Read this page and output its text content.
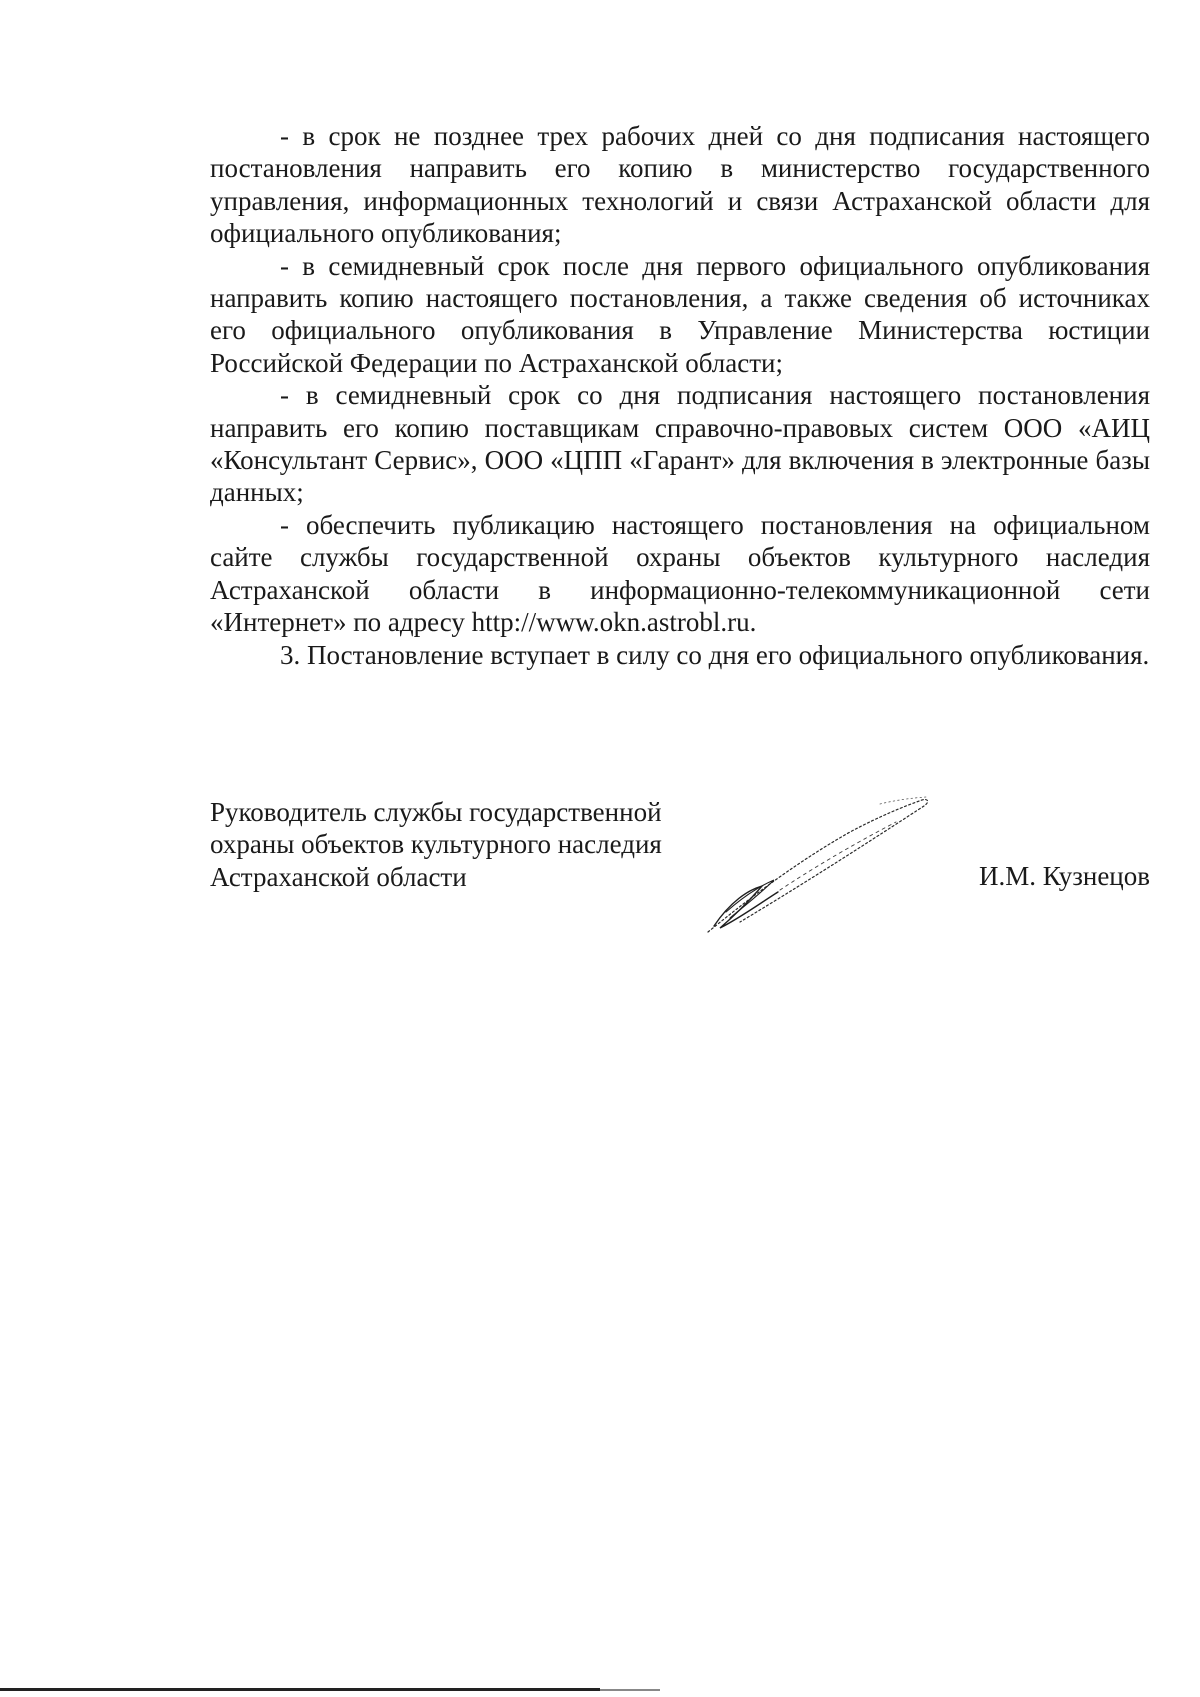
- в срок не позднее трех рабочих дней со дня подписания настоящего постановления направить его копию в министерство государственного управления, информационных технологий и связи Астраханской области для официального опубликования;

- в семидневный срок после дня первого официального опубликования направить копию настоящего постановления, а также сведения об источниках его официального опубликования в Управление Министерства юстиции Российской Федерации по Астраханской области;

- в семидневный срок со дня подписания настоящего постановления направить его копию поставщикам справочно-правовых систем ООО «АИЦ «Консультант Сервис», ООО «ЦПП «Гарант» для включения в электронные базы данных;

- обеспечить публикацию настоящего постановления на официальном сайте службы государственной охраны объектов культурного наследия Астраханской области в информационно-телекоммуникационной сети «Интернет» по адресу http://www.okn.astrobl.ru.

3. Постановление вступает в силу со дня его официального опубликования.

Руководитель службы государственной
охраны объектов культурного наследия
Астраханской области	И.М. Кузнецов
